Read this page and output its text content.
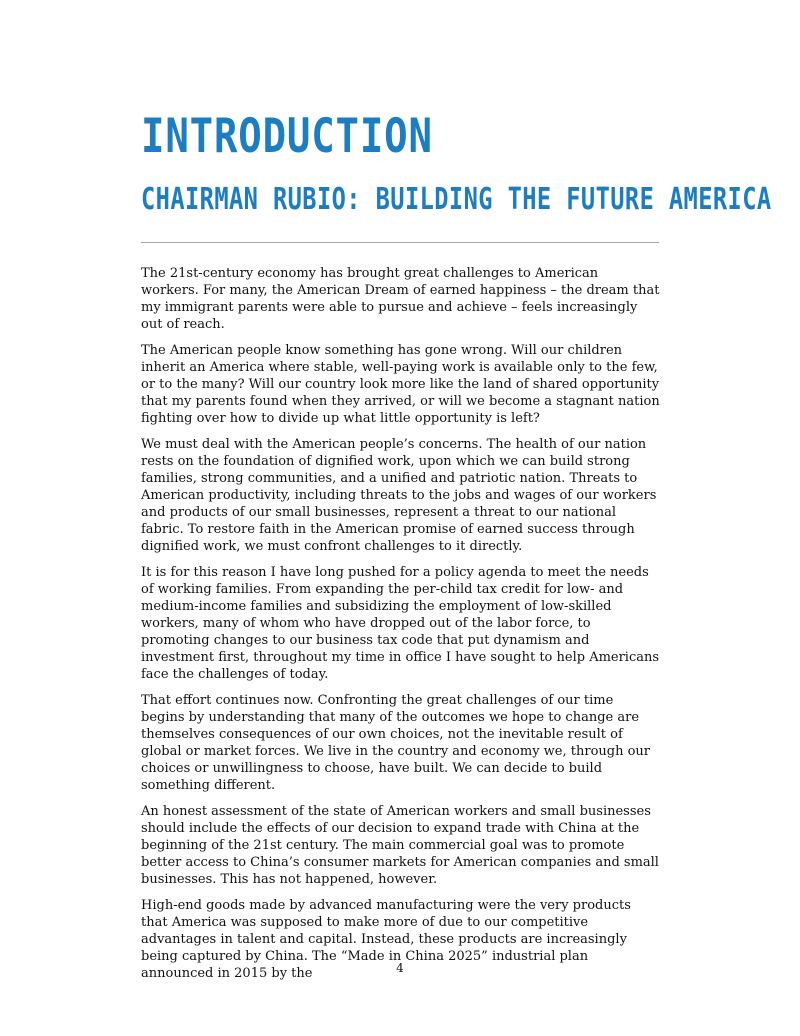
INTRODUCTION
CHAIRMAN RUBIO: BUILDING THE FUTURE AMERICA

The 21st-century economy has brought great challenges to American workers. For many, the American Dream of earned happiness – the dream that my immigrant parents were able to pursue and achieve – feels increasingly out of reach.

The American people know something has gone wrong. Will our children inherit an America where stable, well-paying work is available only to the few, or to the many? Will our country look more like the land of shared opportunity that my parents found when they arrived, or will we become a stagnant nation fighting over how to divide up what little opportunity is left?

We must deal with the American people’s concerns. The health of our nation rests on the foundation of dignified work, upon which we can build strong families, strong communities, and a unified and patriotic nation. Threats to American productivity, including threats to the jobs and wages of our workers and products of our small businesses, represent a threat to our national fabric. To restore faith in the American promise of earned success through dignified work, we must confront challenges to it directly.

It is for this reason I have long pushed for a policy agenda to meet the needs of working families. From expanding the per-child tax credit for low- and medium-income families and subsidizing the employment of low-skilled workers, many of whom who have dropped out of the labor force, to promoting changes to our business tax code that put dynamism and investment first, throughout my time in office I have sought to help Americans face the challenges of today.

That effort continues now. Confronting the great challenges of our time begins by understanding that many of the outcomes we hope to change are themselves consequences of our own choices, not the inevitable result of global or market forces. We live in the country and economy we, through our choices or unwillingness to choose, have built. We can decide to build something different.

An honest assessment of the state of American workers and small businesses should include the effects of our decision to expand trade with China at the beginning of the 21st century. The main commercial goal was to promote better access to China’s consumer markets for American companies and small businesses. This has not happened, however.

High-end goods made by advanced manufacturing were the very products that America was supposed to make more of due to our competitive advantages in talent and capital. Instead, these products are increasingly being captured by China. The “Made in China 2025” industrial plan announced in 2015 by the	4
